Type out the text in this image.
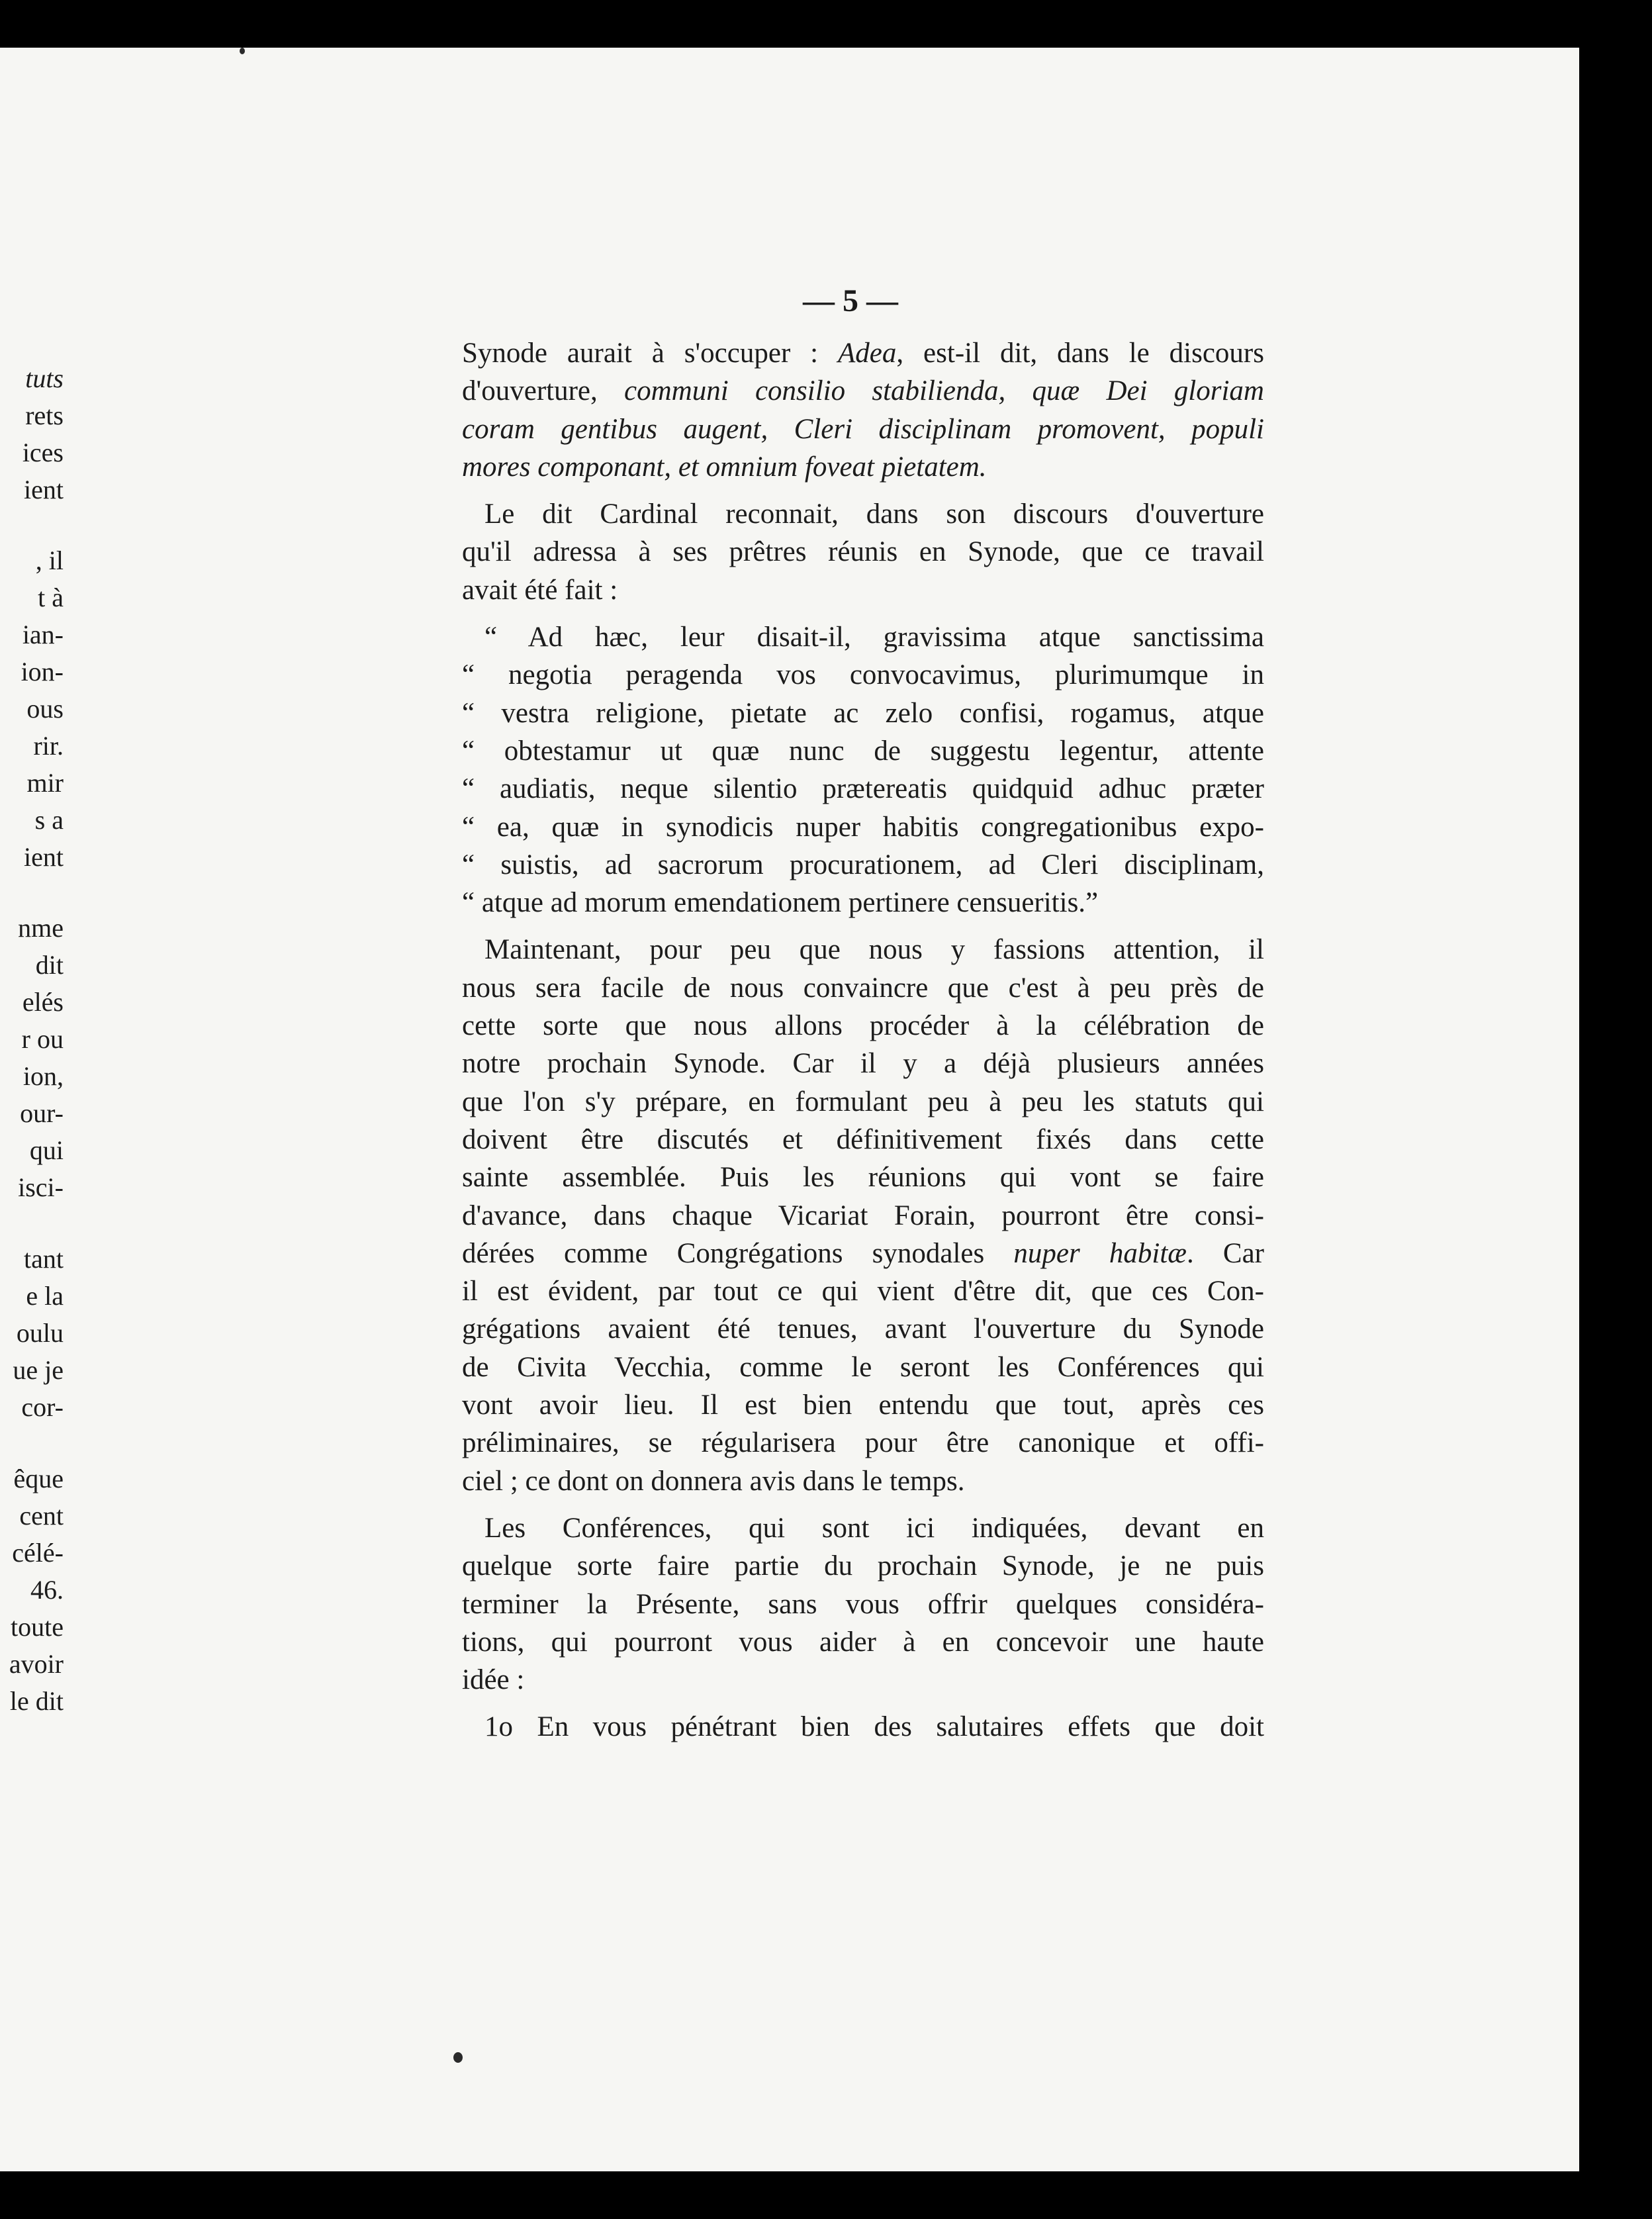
tuts
rets
ices
ient
, il
t à
ian-
ion-
ous
rir.
mir
s a
ient
nme
dit
elés
r ou
ion,
our-
qui
isci-
tant
e la
oulu
ue je
cor-
êque
cent
célé-
46.
toute
avoir
le dit
— 5 —
Synode aurait à s'occuper : Adea, est-il dit, dans le discours
d'ouverture, communi consilio stabilienda, quæ Dei gloriam
coram gentibus augent, Cleri disciplinam promovent, populi
mores componant, et omnium foveat pietatem.
Le dit Cardinal reconnait, dans son discours d'ouverture
qu'il adressa à ses prêtres réunis en Synode, que ce travail
avait été fait :
“ Ad hæc, leur disait-il, gravissima atque sanctissima
“ negotia peragenda vos convocavimus, plurimumque in
“ vestra religione, pietate ac zelo confisi, rogamus, atque
“ obtestamur ut quæ nunc de suggestu legentur, attente
“ audiatis, neque silentio prætereatis quidquid adhuc præter
“ ea, quæ in synodicis nuper habitis congregationibus expo-
“ suistis, ad sacrorum procurationem, ad Cleri disciplinam,
“ atque ad morum emendationem pertinere censueritis.”
Maintenant, pour peu que nous y fassions attention, il
nous sera facile de nous convaincre que c'est à peu près de
cette sorte que nous allons procéder à la célébration de
notre prochain Synode. Car il y a déjà plusieurs années
que l'on s'y prépare, en formulant peu à peu les statuts qui
doivent être discutés et définitivement fixés dans cette
sainte assemblée. Puis les réunions qui vont se faire
d'avance, dans chaque Vicariat Forain, pourront être consi-
dérées comme Congrégations synodales nuper habitæ. Car
il est évident, par tout ce qui vient d'être dit, que ces Con-
grégations avaient été tenues, avant l'ouverture du Synode
de Civita Vecchia, comme le seront les Conférences qui
vont avoir lieu. Il est bien entendu que tout, après ces
préliminaires, se régularisera pour être canonique et offi-
ciel ; ce dont on donnera avis dans le temps.
Les Conférences, qui sont ici indiquées, devant en
quelque sorte faire partie du prochain Synode, je ne puis
terminer la Présente, sans vous offrir quelques considéra-
tions, qui pourront vous aider à en concevoir une haute
idée :
1o En vous pénétrant bien des salutaires effets que doit
